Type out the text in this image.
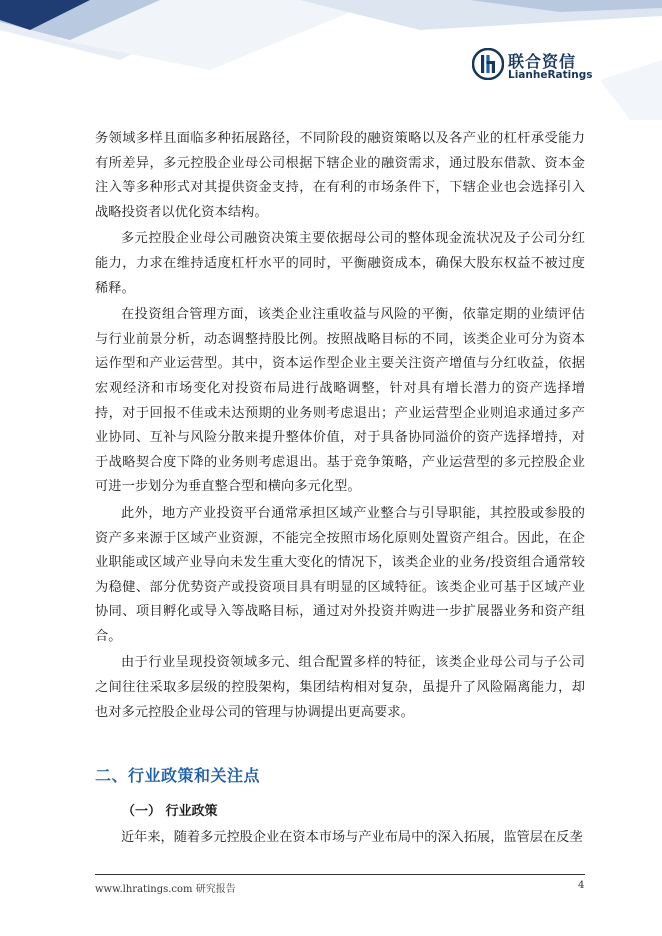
联合资信
LianheRatings

务领域多样且面临多种拓展路径，不同阶段的融资策略以及各产业的杠杆承受能力有所差异，多元控股企业母公司根据下辖企业的融资需求，通过股东借款、资本金注入等多种形式对其提供资金支持，在有利的市场条件下，下辖企业也会选择引入战略投资者以优化资本结构。

多元控股企业母公司融资决策主要依据母公司的整体现金流状况及子公司分红能力，力求在维持适度杠杆水平的同时，平衡融资成本，确保大股东权益不被过度稀释。

在投资组合管理方面，该类企业注重收益与风险的平衡，依靠定期的业绩评估与行业前景分析，动态调整持股比例。按照战略目标的不同，该类企业可分为资本运作型和产业运营型。其中，资本运作型企业主要关注资产增值与分红收益，依据宏观经济和市场变化对投资布局进行战略调整，针对具有增长潜力的资产选择增持，对于回报不佳或未达预期的业务则考虑退出；产业运营型企业则追求通过多产业协同、互补与风险分散来提升整体价值，对于具备协同溢价的资产选择增持，对于战略契合度下降的业务则考虑退出。基于竞争策略，产业运营型的多元控股企业可进一步划分为垂直整合型和横向多元化型。

此外，地方产业投资平台通常承担区域产业整合与引导职能，其控股或参股的资产多来源于区域产业资源，不能完全按照市场化原则处置资产组合。因此，在企业职能或区域产业导向未发生重大变化的情况下，该类企业的业务/投资组合通常较为稳健、部分优势资产或投资项目具有明显的区域特征。该类企业可基于区域产业协同、项目孵化或导入等战略目标，通过对外投资并购进一步扩展器业务和资产组合。

由于行业呈现投资领域多元、组合配置多样的特征，该类企业母公司与子公司之间往往采取多层级的控股架构，集团结构相对复杂，虽提升了风险隔离能力，却也对多元控股企业母公司的管理与协调提出更高要求。

二、行业政策和关注点
（一） 行业政策
近年来，随着多元控股企业在资本市场与产业布局中的深入拓展，监管层在反垄
www.lhratings.com 研究报告	4
